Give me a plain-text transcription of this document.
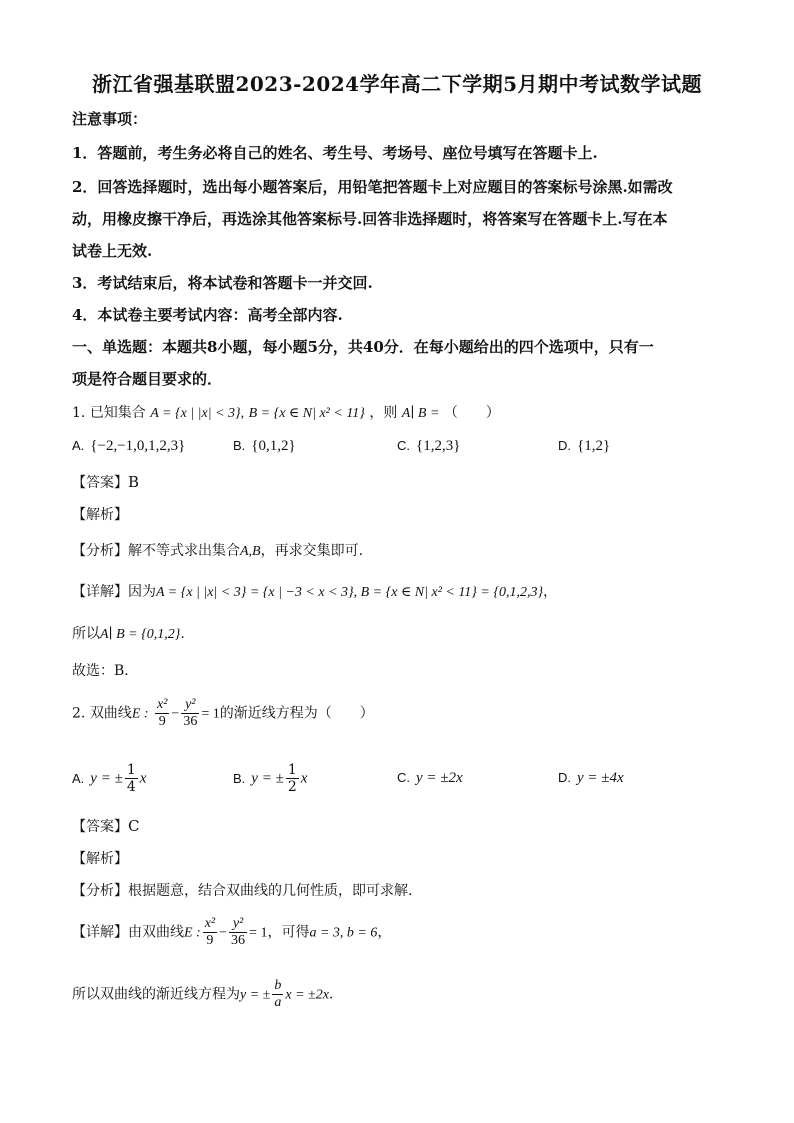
浙江省强基联盟2023-2024学年高二下学期5月期中考试数学试题
注意事项：
1．答题前，考生务必将自己的姓名、考生号、考场号、座位号填写在答题卡上.
2．回答选择题时，选出每小题答案后，用铅笔把答题卡上对应题目的答案标号涂黑.如需改
动，用橡皮擦干净后，再选涂其他答案标号.回答非选择题时，将答案写在答题卡上.写在本
试卷上无效.
3．考试结束后，将本试卷和答题卡一并交回.
4．本试卷主要考试内容：高考全部内容.
一、单选题：本题共8小题，每小题5分，共40分．在每小题给出的四个选项中，只有一
项是符合题目要求的．
1. 已知集合 A = {x | |x| < 3}, B = {x ∈ N| x² < 11} ，则 A∣ B = （　　）
A. {−2,−1,0,1,2,3}	B. {0,1,2}	C. {1,2,3}	D. {1,2}
【答案】B
【解析】
【分析】解不等式求出集合A,B，再求交集即可.
【详解】因为A = {x | |x| < 3} = {x | −3 < x < 3}, B = {x ∈ N| x² < 11} = {0,1,2,3}，
所以A∣ B = {0,1,2}.
故选：B．
2. 双曲线E : $\frac{\text{x²}}{9} - \frac{\text{y²}}{36} = 1$的渐近线方程为（　　）
A. y = ± $\frac{1}{4}$ x	B. y = ± $\frac{1}{2}$ x	C. y = ±2x	D. y = ±4x
【答案】C
【解析】
【分析】根据题意，结合双曲线的几何性质，即可求解.
【详解】由双曲线E : $\frac{\text{x²}}{9} - \frac{\text{y²}}{36} = 1$，可得a = 3, b = 6，
所以双曲线的渐近线方程为y = ± $\frac{b}{a}$ x = ±2x.
